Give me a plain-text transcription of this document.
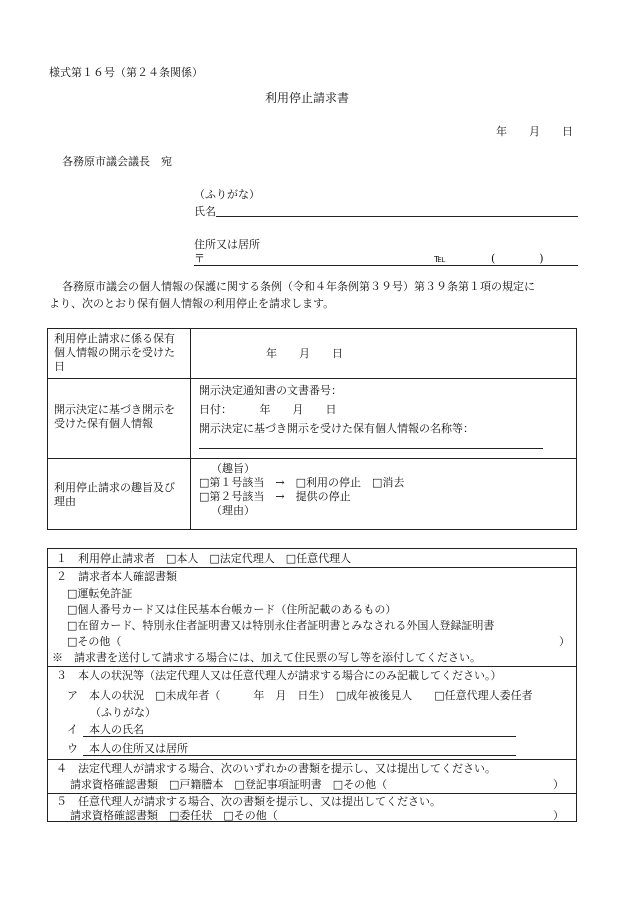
様式第１６号（第２４条関係）
利用停止請求書
年　　月　　日
各務原市議会議長　宛
（ふりがな）
氏名
住所又は居所
〒	℡	(　　　　)
各務原市議会の個人情報の保護に関する条例（令和４年条例第３９号）第３９条第１項の規定に
より、次のとおり保有個人情報の利用停止を請求します。
利用停止請求に係る保有
個人情報の開示を受けた
日	年　　月　　日

開示決定に基づき開示を
受けた保有個人情報	開示決定通知書の文書番号：
日付：　　　年　　月　　日
開示決定に基づき開示を受けた保有個人情報の名称等：

利用停止請求の趣旨及び
理由	（趣旨）
□第１号該当　→　□利用の停止　□消去
□第２号該当　→　提供の停止
（理由）
１　利用停止請求者　□本人　□法定代理人　□任意代理人
２　請求者本人確認書類
□運転免許証
□個人番号カード又は住民基本台帳カード（住所記載のあるもの）
□在留カード、特別永住者証明書又は特別永住者証明書とみなされる外国人登録証明書
□その他（	）
※　請求書を送付して請求する場合には、加えて住民票の写し等を添付してください。
３　本人の状況等（法定代理人又は任意代理人が請求する場合にのみ記載してください。）
ア　本人の状況　□未成年者（　　　年　月　日生）　□成年被後見人　　□任意代理人委任者
（ふりがな）
イ　本人の氏名
ウ　本人の住所又は居所
４　法定代理人が請求する場合、次のいずれかの書類を提示し、又は提出してください。
請求資格確認書類　□戸籍謄本　□登記事項証明書　□その他（	）
５　任意代理人が請求する場合、次の書類を提示し、又は提出してください。
請求資格確認書類　□委任状　□その他（	）
